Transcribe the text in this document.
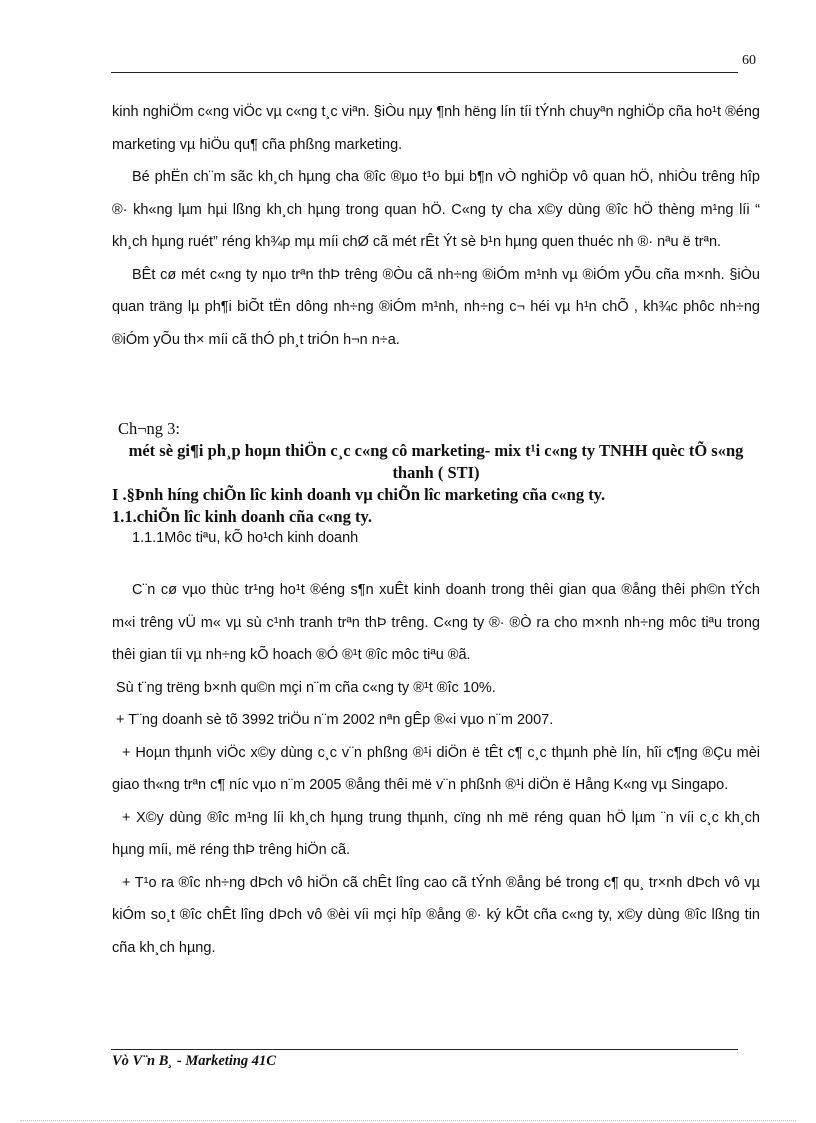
60

kinh nghiÖm c«ng viÖc vµ c«ng t¸c viªn. §iÒu nµy ¶nh hëng lín tíi tÝnh chuyªn nghiÖp cña ho¹t ®éng marketing vµ hiÖu qu¶ cña phßng marketing.

Bé phËn ch¨m sãc kh¸ch hµng cha ®îc ®µo t¹o bµi b¶n vÒ nghiÖp vô quan hÖ, nhiÒu trêng hîp ®· kh«ng lµm hµi lßng kh¸ch hµng trong quan hÖ. C«ng ty cha x©y dùng ®îc hÖ thèng m¹ng líi “ kh¸ch hµng ruét” réng kh¾p mµ míi chØ cã mét rÊt Ýt sè b¹n hµng quen thuéc nh ®· nªu ë trªn.

BÊt cø mét c«ng ty nµo trªn thÞ trêng ®Òu cã nh÷ng ®iÓm m¹nh vµ ®iÓm yÕu cña m×nh. §iÒu quan träng lµ ph¶i biÕt tËn dông nh÷ng ®iÓm m¹nh, nh÷ng c¬ héi vµ h¹n chÕ , kh¾c phôc nh÷ng ®iÓm yÕu th× míi cã thÓ ph¸t triÓn h¬n n÷a.

Ch¬ng 3:

mét sè gi¶i ph¸p hoµn thiÖn c¸c c«ng cô marketing- mix t¹i c«ng ty TNHH quèc tÕ s«ng thanh ( STI)

I .§Þnh híng chiÕn lîc kinh doanh vµ chiÕn lîc marketing cña c«ng ty.

1.1.chiÕn lîc kinh doanh cña c«ng ty.

1.1.1Môc tiªu, kÕ ho¹ch kinh doanh

C¨n cø vµo thùc tr¹ng ho¹t ®éng s¶n xuÊt kinh doanh trong thêi gian qua ®ång thêi ph©n tÝch m«i trêng vÜ m« vµ sù c¹nh tranh trªn thÞ trêng. C«ng ty ®· ®Ò ra cho m×nh nh÷ng môc tiªu trong thêi gian tíi vµ nh÷ng kÕ hoach ®Ó ®¹t ®îc môc tiªu ®ã.

Sù t¨ng trëng b×nh qu©n mçi n¨m cña c«ng ty ®¹t ®îc 10%.

+ T¨ng doanh sè tõ 3992 triÖu n¨m 2002 nªn gÊp ®«i vµo n¨m 2007.

+ Hoµn thµnh viÖc x©y dùng c¸c v¨n phßng ®¹i diÖn ë tÊt c¶ c¸c thµnh phè lín, hîi c¶ng ®Çu mèi giao th«ng trªn c¶ níc vµo n¨m 2005 ®ång thêi më v¨n phßnh ®¹i diÖn ë Hång K«ng vµ Singapo.

+ X©y dùng ®îc m¹ng líi kh¸ch hµng trung thµnh, cïng nh më réng quan hÖ lµm ¨n víi c¸c kh¸ch hµng míi, më réng thÞ trêng hiÖn cã.

+ T¹o ra ®îc nh÷ng dÞch vô hiÖn cã chÊt lîng cao cã tÝnh ®ång bé trong c¶ qu¸ tr×nh dÞch vô vµ kiÓm so¸t ®îc chÊt lîng dÞch vô ®èi víi mçi hîp ®ång ®· ký kÕt cña c«ng ty, x©y dùng ®îc lßng tin cña kh¸ch hµng.

Vò V¨n B¸ - Marketing 41C
